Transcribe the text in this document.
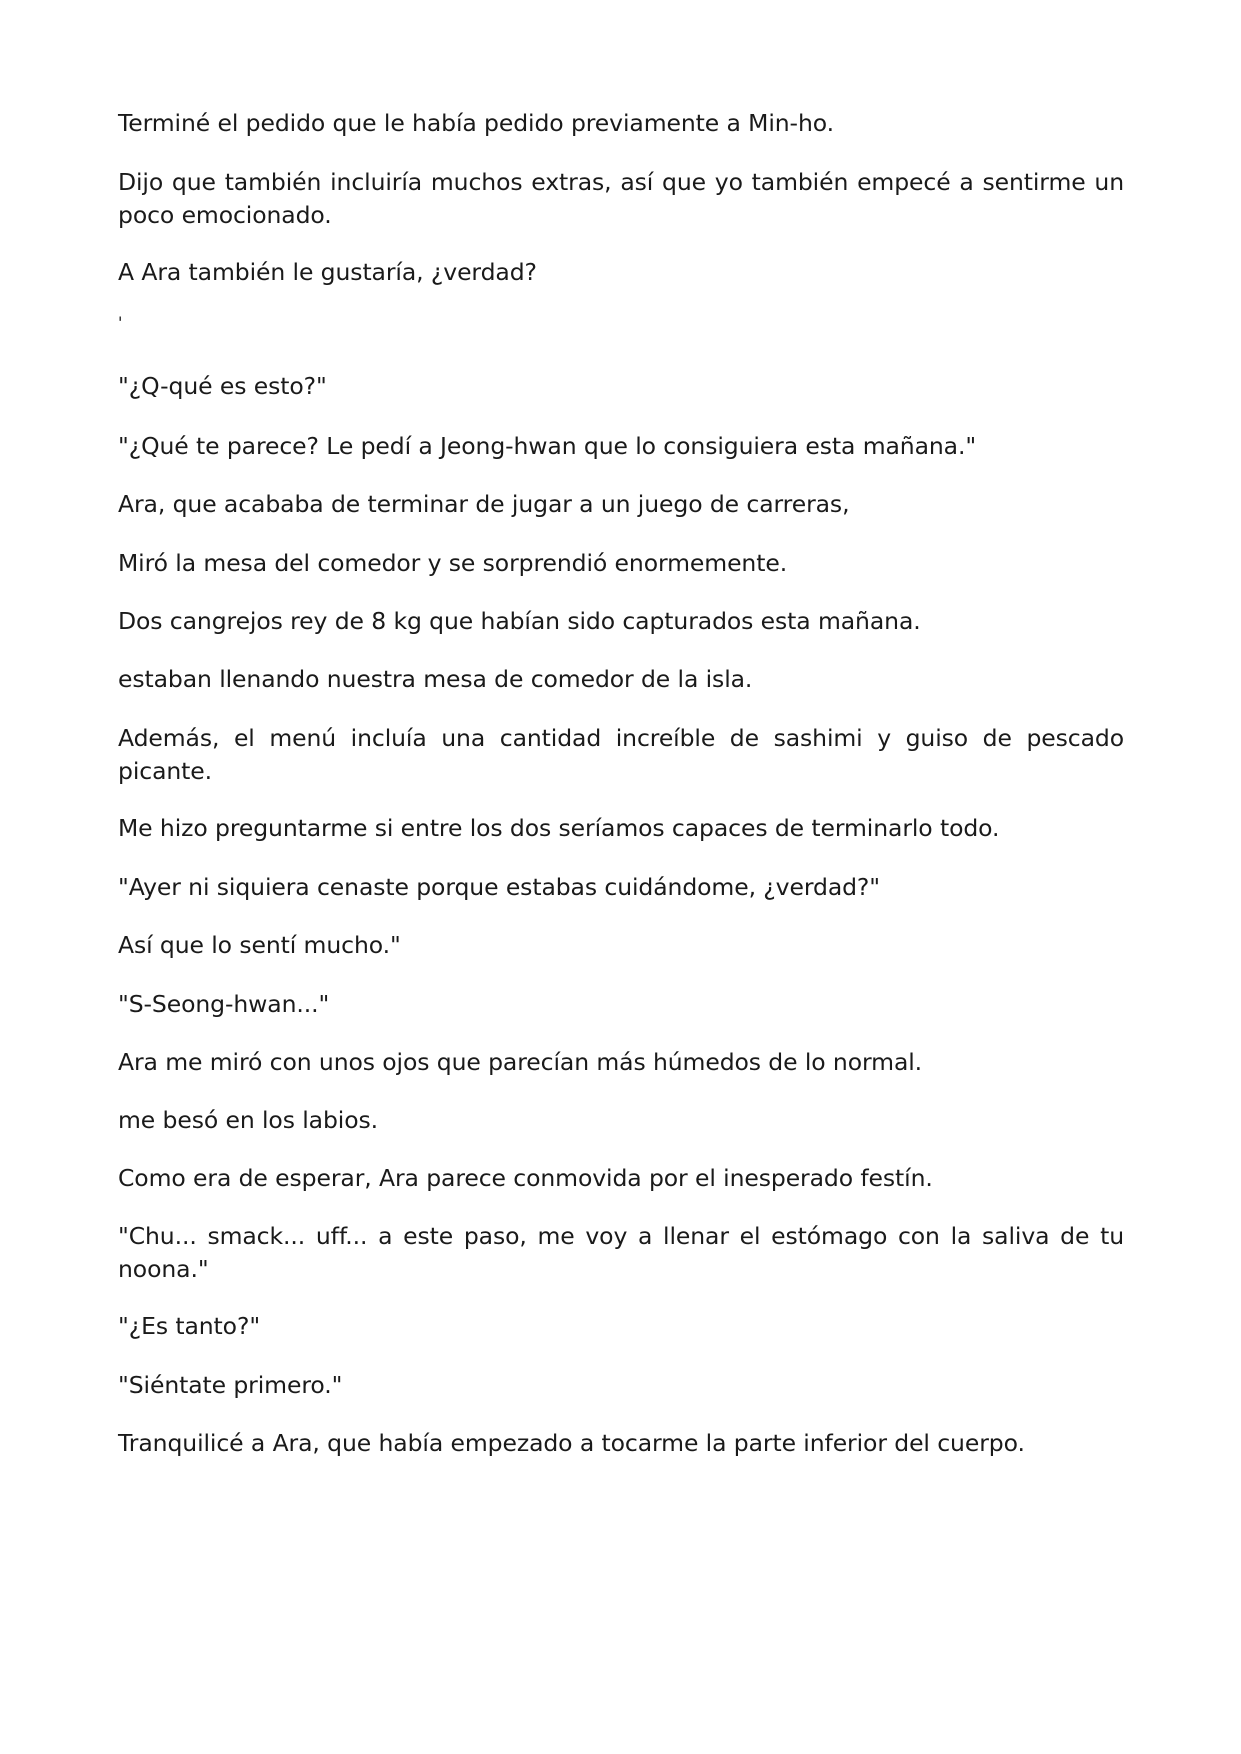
Terminé el pedido que le había pedido previamente a Min-ho.

Dijo que también incluiría muchos extras, así que yo también empecé a sentirme un poco emocionado.

A Ara también le gustaría, ¿verdad?

'

"¿Q-qué es esto?"

"¿Qué te parece? Le pedí a Jeong-hwan que lo consiguiera esta mañana."

Ara, que acababa de terminar de jugar a un juego de carreras,

Miró la mesa del comedor y se sorprendió enormemente.

Dos cangrejos rey de 8 kg que habían sido capturados esta mañana.

estaban llenando nuestra mesa de comedor de la isla.

Además, el menú incluía una cantidad increíble de sashimi y guiso de pescado picante.

Me hizo preguntarme si entre los dos seríamos capaces de terminarlo todo.

"Ayer ni siquiera cenaste porque estabas cuidándome, ¿verdad?"

Así que lo sentí mucho."

"S-Seong-hwan..."

Ara me miró con unos ojos que parecían más húmedos de lo normal.

me besó en los labios.

Como era de esperar, Ara parece conmovida por el inesperado festín.

"Chu... smack... uff... a este paso, me voy a llenar el estómago con la saliva de tu noona."

"¿Es tanto?"

"Siéntate primero."

Tranquilicé a Ara, que había empezado a tocarme la parte inferior del cuerpo.
